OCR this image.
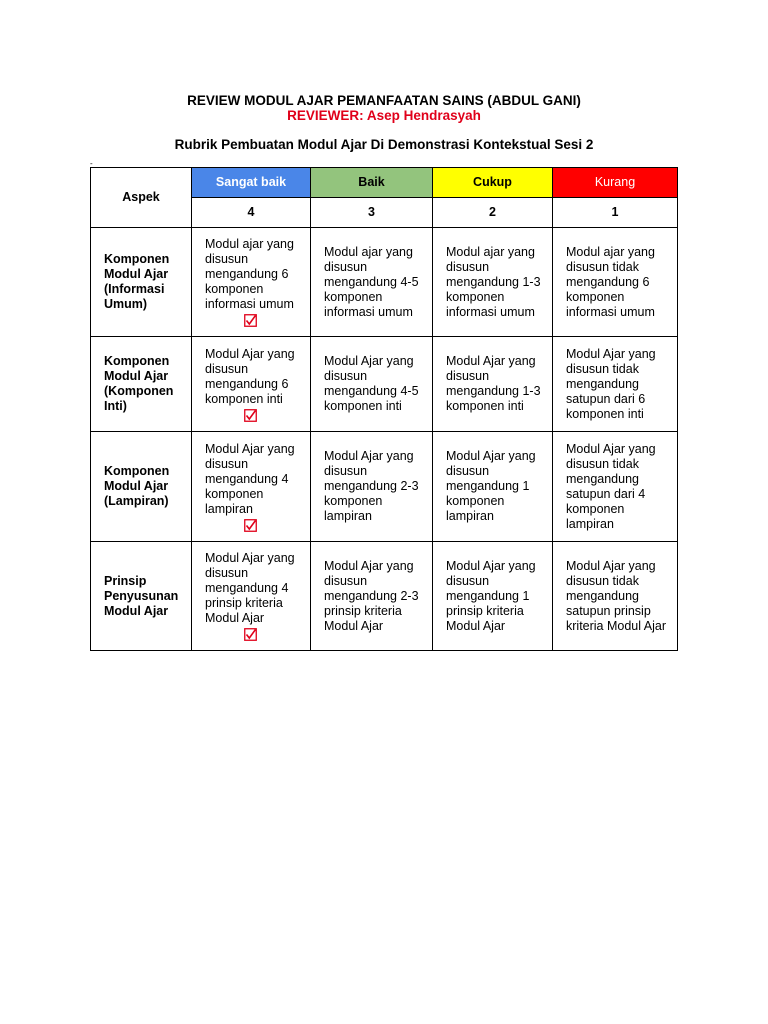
REVIEW MODUL AJAR PEMANFAATAN SAINS (ABDUL GANI)
REVIEWER: Asep Hendrasyah
Rubrik Pembuatan Modul Ajar Di Demonstrasi Kontekstual Sesi 2
-
Aspek	Sangat baik	Baik	Cukup	Kurang
	4	3	2	1
Komponen Modul Ajar (Informasi Umum)	Modul ajar yang disusun mengandung 6 komponen informasi umum	Modul ajar yang disusun mengandung 4-5 komponen informasi umum	Modul ajar yang disusun mengandung 1-3 komponen informasi umum	Modul ajar yang disusun tidak mengandung 6 komponen informasi umum

Komponen Modul Ajar (Komponen Inti)	Modul Ajar yang disusun mengandung 6 komponen inti	Modul Ajar yang disusun mengandung 4-5 komponen inti	Modul Ajar yang disusun mengandung 1-3 komponen inti	Modul Ajar yang disusun tidak mengandung satupun dari 6 komponen inti

Komponen Modul Ajar (Lampiran)	Modul Ajar yang disusun mengandung 4 komponen lampiran	Modul Ajar yang disusun mengandung 2-3 komponen lampiran	Modul Ajar yang disusun mengandung 1 komponen lampiran	Modul Ajar yang disusun tidak mengandung satupun dari 4 komponen lampiran

Prinsip Penyusunan Modul Ajar	Modul Ajar yang disusun mengandung 4 prinsip kriteria Modul Ajar	Modul Ajar yang disusun mengandung 2-3 prinsip kriteria Modul Ajar	Modul Ajar yang disusun mengandung 1 prinsip kriteria Modul Ajar	Modul Ajar yang disusun tidak mengandung satupun prinsip kriteria Modul Ajar
